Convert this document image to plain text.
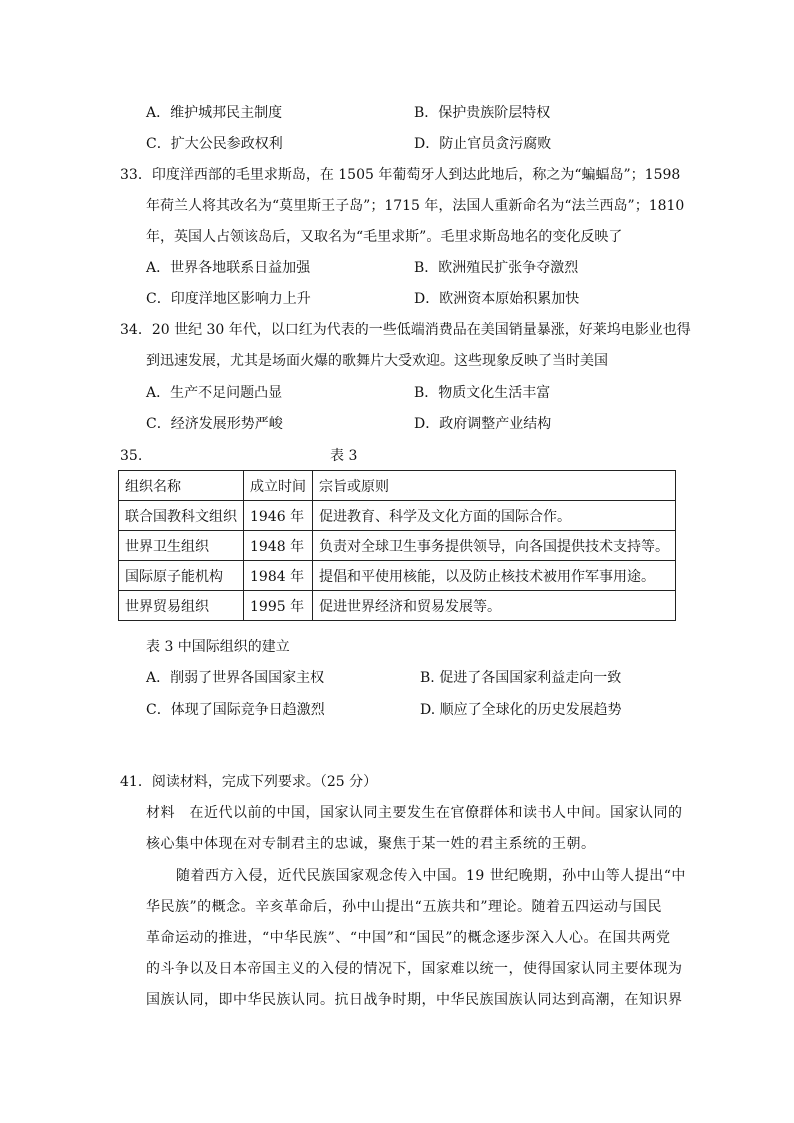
A．维护城邦民主制度	B．保护贵族阶层特权
C．扩大公民参政权利	D．防止官员贪污腐败
33．印度洋西部的毛里求斯岛，在 1505 年葡萄牙人到达此地后，称之为“蝙蝠岛”；1598
年荷兰人将其改名为“莫里斯王子岛”；1715 年，法国人重新命名为“法兰西岛”；1810
年，英国人占领该岛后，又取名为“毛里求斯”。毛里求斯岛地名的变化反映了
A．世界各地联系日益加强	B．欧洲殖民扩张争夺激烈
C．印度洋地区影响力上升	D．欧洲资本原始积累加快
34．20 世纪 30 年代，以口红为代表的一些低端消费品在美国销量暴涨，好莱坞电影业也得
到迅速发展，尤其是场面火爆的歌舞片大受欢迎。这些现象反映了当时美国
A．生产不足问题凸显	B．物质文化生活丰富
C．经济发展形势严峻	D．政府调整产业结构
35.	表 3
组织名称	成立时间	宗旨或原则
联合国教科文组织	1946 年	促进教育、科学及文化方面的国际合作。
世界卫生组织	1948 年	负责对全球卫生事务提供领导，向各国提供技术支持等。
国际原子能机构	1984 年	提倡和平使用核能，以及防止核技术被用作军事用途。
世界贸易组织	1995 年	促进世界经济和贸易发展等。
表 3 中国际组织的建立
A．削弱了世界各国国家主权	B. 促进了各国国家利益走向一致
C．体现了国际竞争日趋激烈	D. 顺应了全球化的历史发展趋势
41．阅读材料，完成下列要求。（25 分）
材料　在近代以前的中国，国家认同主要发生在官僚群体和读书人中间。国家认同的
核心集中体现在对专制君主的忠诚，聚焦于某一姓的君主系统的王朝。
随着西方入侵，近代民族国家观念传入中国。19 世纪晚期，孙中山等人提出“中
华民族”的概念。辛亥革命后，孙中山提出“五族共和”理论。随着五四运动与国民
革命运动的推进，“中华民族”、“中国”和“国民”的概念逐步深入人心。在国共两党
的斗争以及日本帝国主义的入侵的情况下，国家难以统一，使得国家认同主要体现为
国族认同，即中华民族认同。抗日战争时期，中华民族国族认同达到高潮，在知识界
